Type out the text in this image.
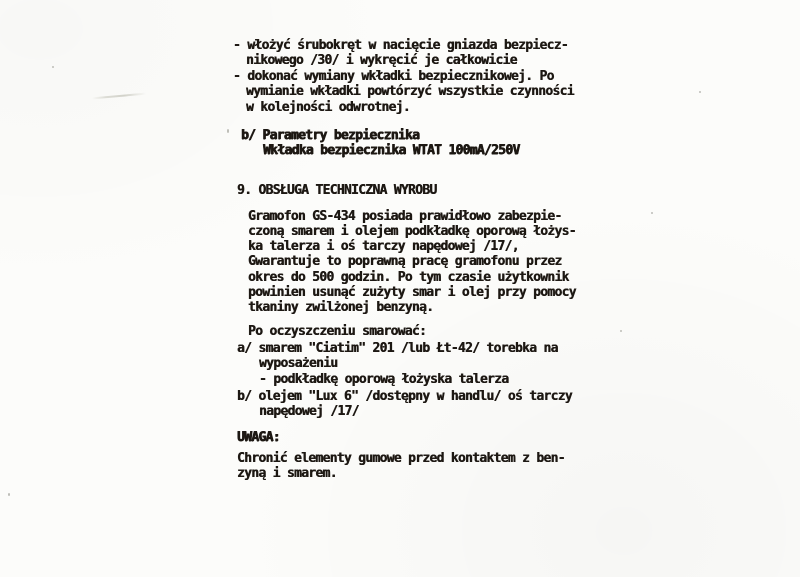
- włożyć śrubokręt w nacięcie gniazda bezpiecz-
nikowego /30/ i wykręcić je całkowicie
- dokonać wymiany wkładki bezpiecznikowej. Po
wymianie wkładki powtórzyć wszystkie czynności
w kolejności odwrotnej.
b/ Parametry bezpiecznika
Wkładka bezpiecznika WTAT 100mA/250V
9. OBSŁUGA TECHNICZNA WYROBU
Gramofon GS-434 posiada prawidłowo zabezpie-
czoną smarem i olejem podkładkę oporową łożys-
ka talerza i oś tarczy napędowej /17/,
Gwarantuje to poprawną pracę gramofonu przez
okres do 500 godzin. Po tym czasie użytkownik
powinien usunąć zużyty smar i olej przy pomocy
tkaniny zwilżonej benzyną.
Po oczyszczeniu smarować:
a/ smarem "Ciatim" 201 /lub Łt-42/ torebka na
wyposażeniu
- podkładkę oporową łożyska talerza
b/ olejem "Lux 6" /dostępny w handlu/ oś tarczy
napędowej /17/
UWAGA:
Chronić elementy gumowe przed kontaktem z ben-
zyną i smarem.
